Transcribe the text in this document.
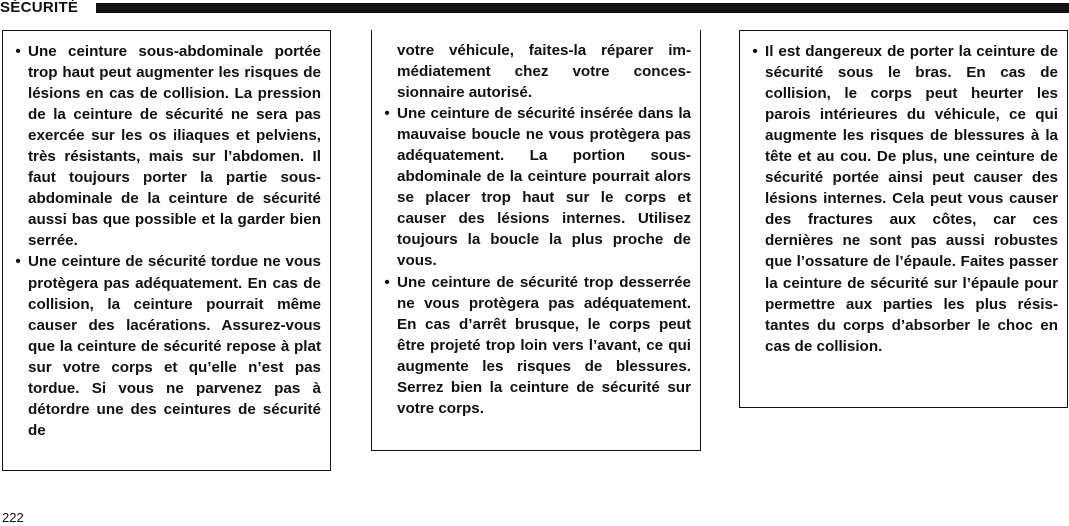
SÉCURITÉ
• Une ceinture sous-abdominale portée trop haut peut augmenter les risques de lésions en cas de collision. La pression de la ceinture de sécurité ne sera pas exercée sur les os iliaques et pelviens, très résistants, mais sur l’abdomen. Il faut toujours porter la partie sous-abdominale de la ceinture de sécurité aussi bas que possible et la garder bien serrée.
• Une ceinture de sécurité tordue ne vous protègera pas adéquatement. En cas de collision, la ceinture pourrait même causer des lacérations. Assurez-vous que la ceinture de sécurité repose à plat sur votre corps et qu’elle n’est pas tordue. Si vous ne parvenez pas à détordre une des ceintures de sécurité de
votre véhicule, faites-la réparer immédiatement chez votre concessionnaire autorisé.
• Une ceinture de sécurité insérée dans la mauvaise boucle ne vous protègera pas adéquatement. La portion sous-abdominale de la ceinture pourrait alors se placer trop haut sur le corps et causer des lésions internes. Utilisez toujours la boucle la plus proche de vous.
• Une ceinture de sécurité trop desserrée ne vous protègera pas adéquatement. En cas d’arrêt brusque, le corps peut être projeté trop loin vers l’avant, ce qui augmente les risques de blessures. Serrez bien la ceinture de sécurité sur votre corps.
• Il est dangereux de porter la ceinture de sécurité sous le bras. En cas de collision, le corps peut heurter les parois intérieures du véhicule, ce qui augmente les risques de blessures à la tête et au cou. De plus, une ceinture de sécurité portée ainsi peut causer des lésions internes. Cela peut vous causer des fractures aux côtes, car ces dernières ne sont pas aussi robustes que l’ossature de l’épaule. Faites passer la ceinture de sécurité sur l’épaule pour permettre aux parties les plus résistantes du corps d’absorber le choc en cas de collision.
222
